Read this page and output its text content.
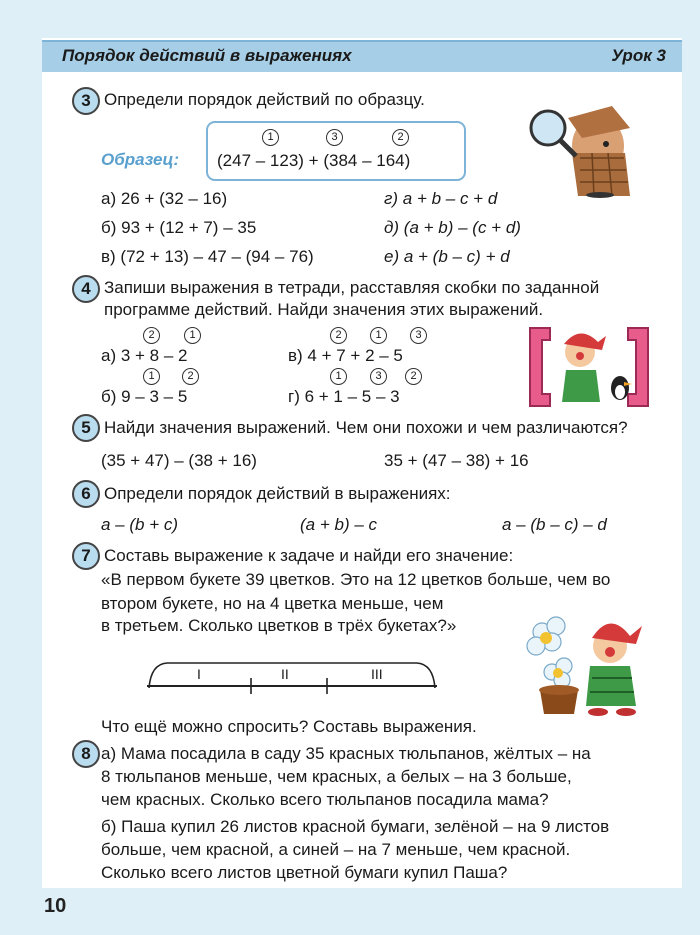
Порядок действий в выражениях	Урок 3
3 Определи порядок действий по образцу.
Образец:
1	3	2
(247 – 123) + (384 – 164)
а) 26 + (32 – 16)
б) 93 + (12 + 7) – 35
в) (72 + 13) – 47 – (94 – 76)
г) a + b – c + d
д) (a + b) – (c + d)
е) a + (b – c) + d
4 Запиши выражения в тетради, расставляя скобки по заданной
программе действий. Найди значения этих выражений.
2	1
а) 3 + 8 – 2
2	1	3
в) 4 + 7 + 2 – 5
1	2
б) 9 – 3 – 5
1	3	2
г) 6 + 1 – 5 – 3
5 Найди значения выражений. Чем они похожи и чем различаются?
(35 + 47) – (38 + 16)	35 + (47 – 38) + 16
6 Определи порядок действий в выражениях:
a – (b + c)	(a + b) – c	a – (b – c) – d
7 Составь выражение к задаче и найди его значение:
«В первом букете 39 цветков. Это на 12 цветков больше, чем во
втором букете, но на 4 цветка меньше, чем
в третьем. Сколько цветков в трёх букетах?»
I	II	III
Что ещё можно спросить? Составь выражения.
8 а) Мама посадила в саду 35 красных тюльпанов, жёлтых – на
8 тюльпанов меньше, чем красных, а белых – на 3 больше,
чем красных. Сколько всего тюльпанов посадила мама?
б) Паша купил 26 листов красной бумаги, зелёной – на 9 листов
больше, чем красной, а синей – на 7 меньше, чем красной.
Сколько всего листов цветной бумаги купил Паша?
10
